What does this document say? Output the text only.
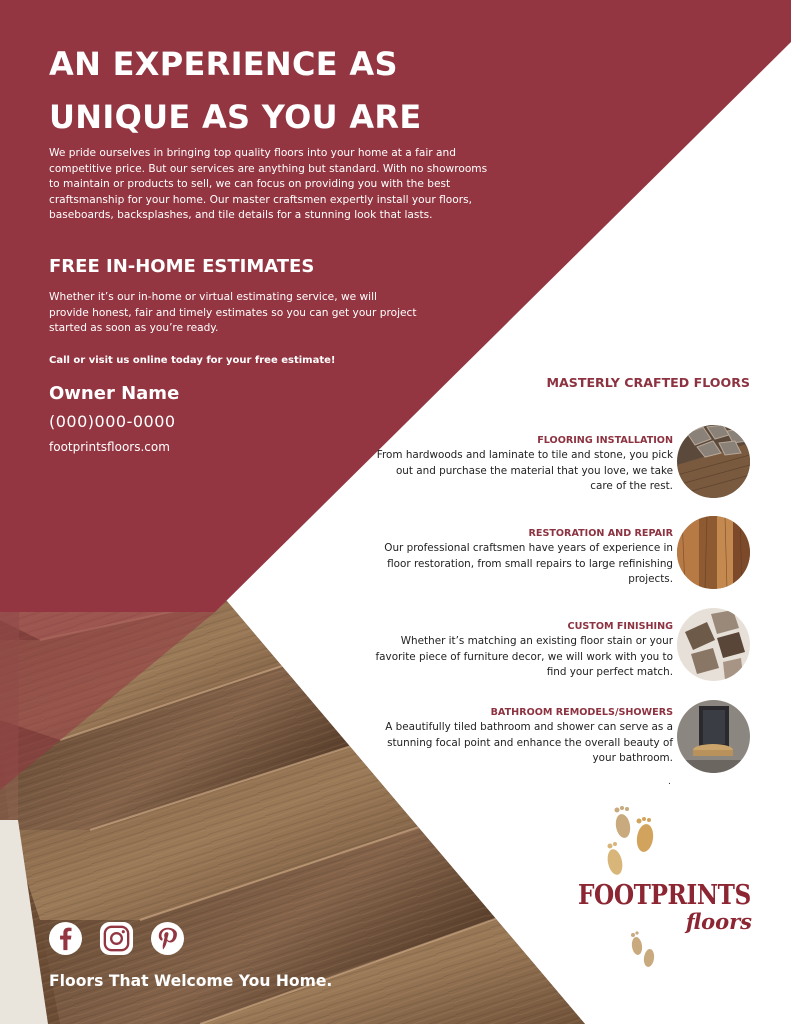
AN EXPERIENCE AS
UNIQUE AS YOU ARE

We pride ourselves in bringing top quality floors into your home at a fair and competitive price. But our services are anything but standard. With no showrooms to maintain or products to sell, we can focus on providing you with the best craftsmanship for your home. Our master craftsmen expertly install your floors, baseboards, backsplashes, and tile details for a stunning look that lasts.

FREE IN-HOME ESTIMATES

Whether it’s our in-home or virtual estimating service, we will provide honest, fair and timely estimates so you can get your project started as soon as you’re ready.

Call or visit us online today for your free estimate!

Owner Name
(000)000-0000
footprintsfloors.com
MASTERLY CRAFTED FLOORS
FLOORING INSTALLATION
From hardwoods and laminate to tile and stone, you pick out and purchase the material that you love, we take care of the rest.
RESTORATION AND REPAIR
Our professional craftsmen have years of experience in floor restoration, from small repairs to large refinishing projects.
CUSTOM FINISHING
Whether it’s matching an existing floor stain or your favorite piece of furniture decor, we will work with you to find your perfect match.
BATHROOM REMODELS/SHOWERS
A beautifully tiled bathroom and shower can serve as a stunning focal point and enhance the overall beauty of your bathroom.
.
FOOTPRINTS
floors
Floors That Welcome You Home.
